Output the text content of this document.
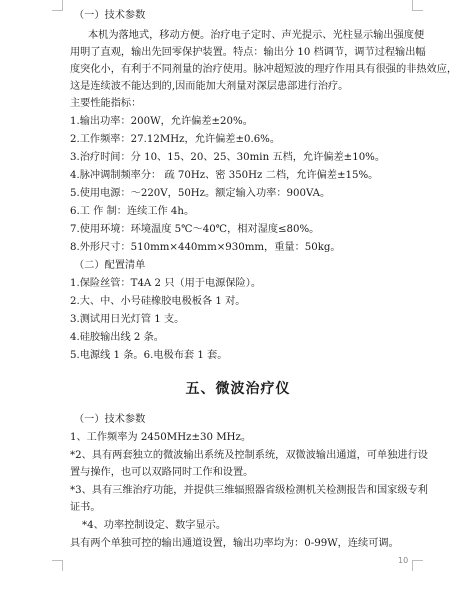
（一）技术参数
本机为落地式，移动方便。治疗电子定时、声光提示、光柱显示输出强度便
用明了直观，输出先回零保护装置。特点：输出分 10 档调节，调节过程输出幅
度突化小，有利于不同剂量的治疗使用。脉冲超短波的理疗作用具有很强的非热效应，
这是连续波不能达到的,因而能加大剂量对深层患部进行治疗。
主要性能指标：
1.输出功率：200W，允许偏差±20%。
2.工作频率：27.12MHz，允许偏差±0.6%。
3.治疗时间：分 10、15、20、25、30min 五档，允许偏差±10%。
4.脉冲调制频率分： 疏 70Hz、密 350Hz 二档，允许偏差±15%。
5.使用电源：～220V，50Hz。额定输入功率：900VA。
6.工 作 制：连续工作 4h。
7.使用环境：环境温度 5℃～40℃，相对湿度≤80%。
8.外形尺寸：510mm×440mm×930mm，重量：50kg。
（二）配置清单
1.保险丝管：T4A 2 只（用于电源保险）。
2.大、中、小号硅橡胶电极板各 1 对。
3.测试用日光灯管 1 支。
4.硅胶输出线 2 条。
5.电源线 1 条。6.电极布套 1 套。
五、微波治疗仪
（一）技术参数
1、工作频率为 2450MHz±30 MHz。
*2、具有两套独立的微波输出系统及控制系统，双微波输出通道，可单独进行设
置与操作，也可以双路同时工作和设置。
*3、具有三维治疗功能，并提供三维辐照器省级检测机关检测报告和国家级专利
证书。
*4、功率控制设定、数字显示。
具有两个单独可控的输出通道设置，输出功率均为：0-99W，连续可调。
10
